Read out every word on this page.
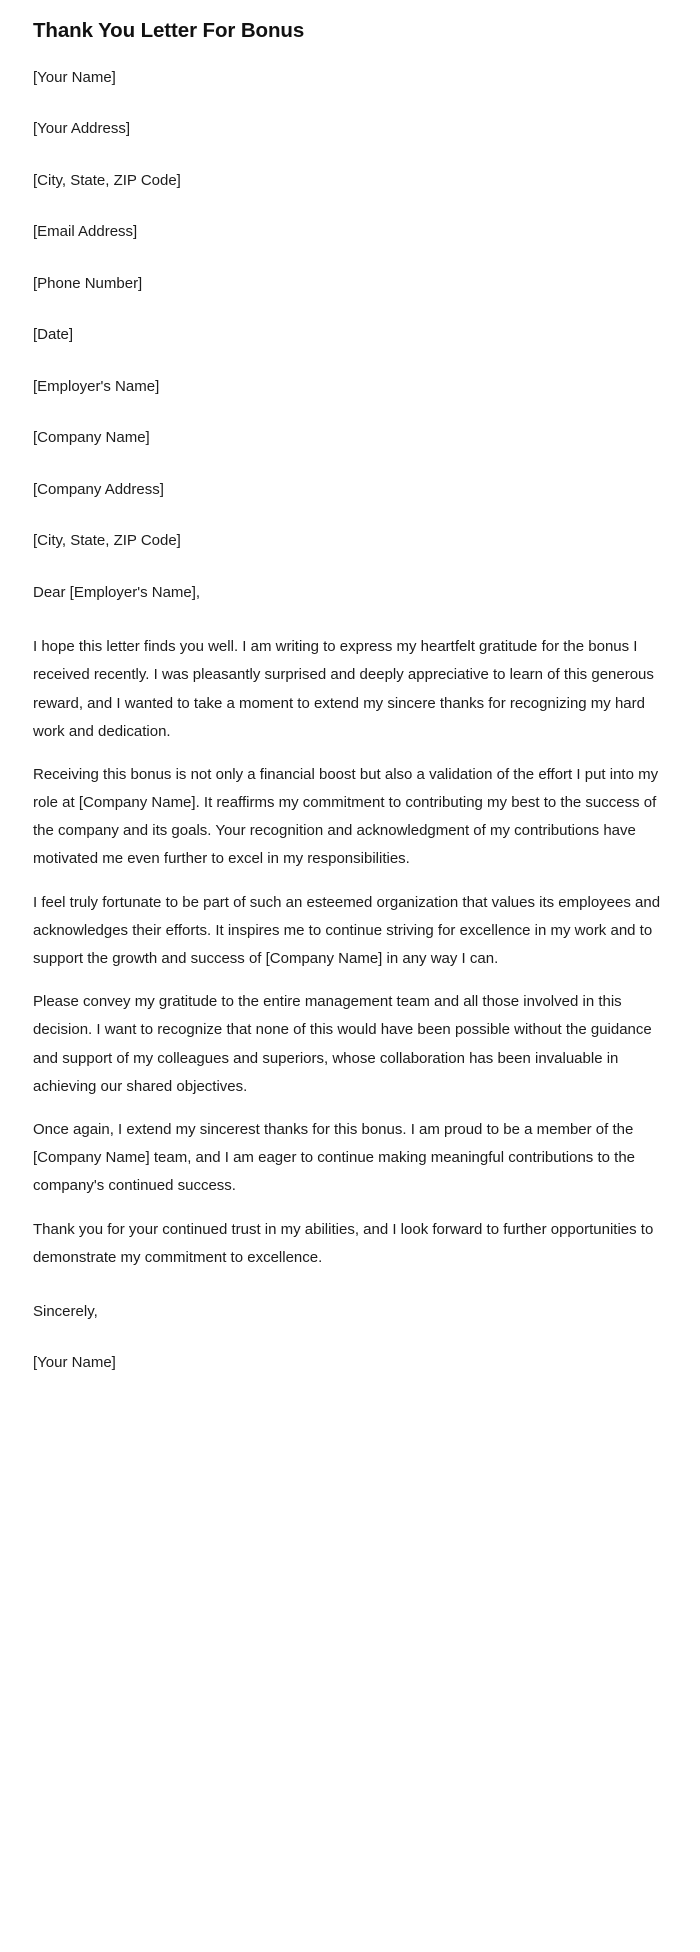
Thank You Letter For Bonus

[Your Name]

[Your Address]

[City, State, ZIP Code]

[Email Address]

[Phone Number]

[Date]

[Employer's Name]

[Company Name]

[Company Address]

[City, State, ZIP Code]

Dear [Employer's Name],

I hope this letter finds you well. I am writing to express my heartfelt gratitude for the bonus I received recently. I was pleasantly surprised and deeply appreciative to learn of this generous reward, and I wanted to take a moment to extend my sincere thanks for recognizing my hard work and dedication.

Receiving this bonus is not only a financial boost but also a validation of the effort I put into my role at [Company Name]. It reaffirms my commitment to contributing my best to the success of the company and its goals. Your recognition and acknowledgment of my contributions have motivated me even further to excel in my responsibilities.

I feel truly fortunate to be part of such an esteemed organization that values its employees and acknowledges their efforts. It inspires me to continue striving for excellence in my work and to support the growth and success of [Company Name] in any way I can.

Please convey my gratitude to the entire management team and all those involved in this decision. I want to recognize that none of this would have been possible without the guidance and support of my colleagues and superiors, whose collaboration has been invaluable in achieving our shared objectives.

Once again, I extend my sincerest thanks for this bonus. I am proud to be a member of the [Company Name] team, and I am eager to continue making meaningful contributions to the company's continued success.

Thank you for your continued trust in my abilities, and I look forward to further opportunities to demonstrate my commitment to excellence.

Sincerely,

[Your Name]
